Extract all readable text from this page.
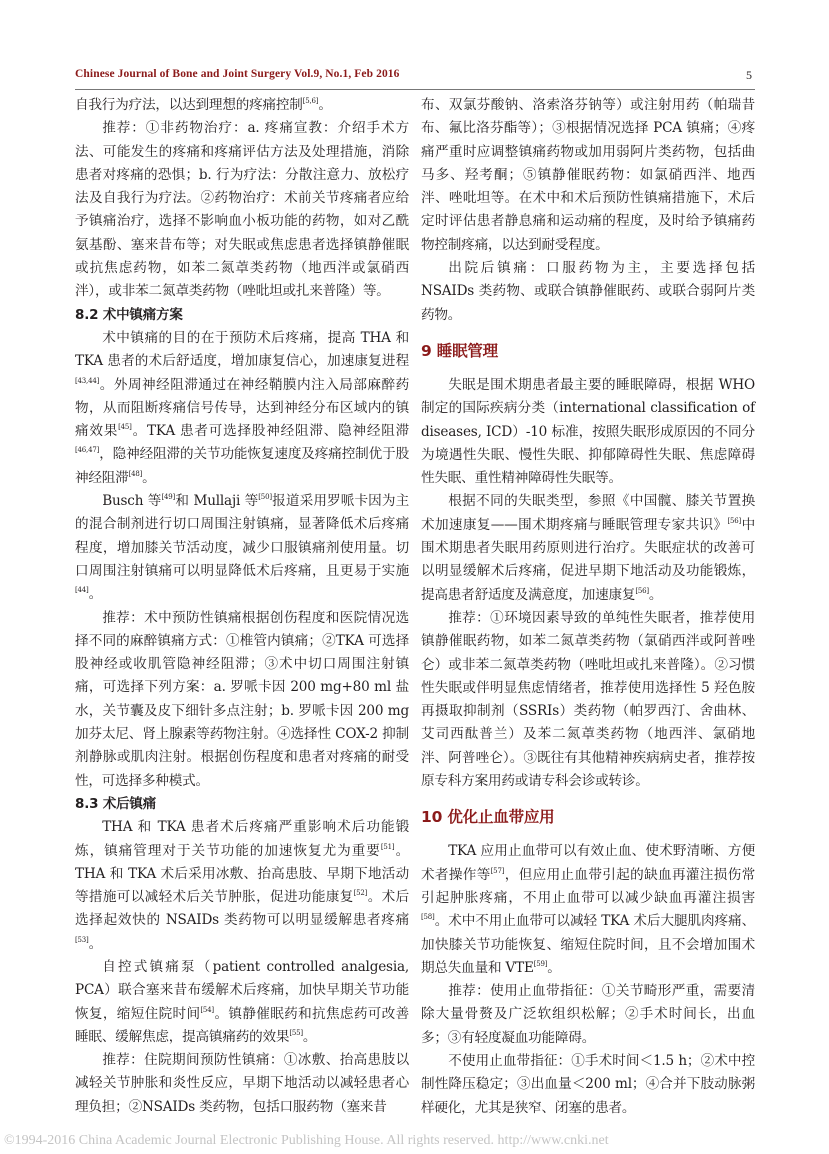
Chinese Journal of Bone and Joint Surgery Vol.9, No.1, Feb 2016	5
自我行为疗法，以达到理想的疼痛控制[5,6]。
推荐：①非药物治疗：a. 疼痛宣教：介绍手术方法、可能发生的疼痛和疼痛评估方法及处理措施，消除患者对疼痛的恐惧；b. 行为疗法：分散注意力、放松疗法及自我行为疗法。②药物治疗：术前关节疼痛者应给予镇痛治疗，选择不影响血小板功能的药物，如对乙酰氨基酚、塞来昔布等；对失眠或焦虑患者选择镇静催眠或抗焦虑药物，如苯二氮䓬类药物（地西泮或氯硝西泮），或非苯二氮䓬类药物（唑吡坦或扎来普隆）等。
8.2 术中镇痛方案
术中镇痛的目的在于预防术后疼痛，提高 THA 和 TKA 患者的术后舒适度，增加康复信心，加速康复进程[43,44]。外周神经阻滞通过在神经鞘膜内注入局部麻醉药物，从而阻断疼痛信号传导，达到神经分布区域内的镇痛效果[45]。TKA 患者可选择股神经阻滞、隐神经阻滞[46,47]，隐神经阻滞的关节功能恢复速度及疼痛控制优于股神经阻滞[48]。
Busch 等[49]和 Mullaji 等[50]报道采用罗哌卡因为主的混合制剂进行切口周围注射镇痛，显著降低术后疼痛程度，增加膝关节活动度，减少口服镇痛剂使用量。切口周围注射镇痛可以明显降低术后疼痛，且更易于实施[44]。
推荐：术中预防性镇痛根据创伤程度和医院情况选择不同的麻醉镇痛方式：①椎管内镇痛；②TKA 可选择股神经或收肌管隐神经阻滞；③术中切口周围注射镇痛，可选择下列方案：a. 罗哌卡因 200 mg+80 ml 盐水，关节囊及皮下细针多点注射；b. 罗哌卡因 200 mg 加芬太尼、肾上腺素等药物注射。④选择性 COX-2 抑制剂静脉或肌肉注射。根据创伤程度和患者对疼痛的耐受性，可选择多种模式。
8.3 术后镇痛
THA 和 TKA 患者术后疼痛严重影响术后功能锻炼，镇痛管理对于关节功能的加速恢复尤为重要[51]。THA 和 TKA 术后采用冰敷、抬高患肢、早期下地活动等措施可以减轻术后关节肿胀，促进功能康复[52]。术后选择起效快的 NSAIDs 类药物可以明显缓解患者疼痛[53]。
自控式镇痛泵（patient controlled analgesia, PCA）联合塞来昔布缓解术后疼痛，加快早期关节功能恢复，缩短住院时间[54]。镇静催眠药和抗焦虑药可改善睡眠、缓解焦虑，提高镇痛药的效果[55]。
推荐：住院期间预防性镇痛：①冰敷、抬高患肢以减轻关节肿胀和炎性反应，早期下地活动以减轻患者心理负担；②NSAIDs 类药物，包括口服药物（塞来昔
布、双氯芬酸钠、洛索洛芬钠等）或注射用药（帕瑞昔布、氟比洛芬酯等）；③根据情况选择 PCA 镇痛；④疼痛严重时应调整镇痛药物或加用弱阿片类药物，包括曲马多、羟考酮；⑤镇静催眠药物：如氯硝西泮、地西泮、唑吡坦等。在术中和术后预防性镇痛措施下，术后定时评估患者静息痛和运动痛的程度，及时给予镇痛药物控制疼痛，以达到耐受程度。
出院后镇痛：口服药物为主，主要选择包括 NSAIDs 类药物、或联合镇静催眠药、或联合弱阿片类药物。
9 睡眠管理
失眠是围术期患者最主要的睡眠障碍，根据 WHO 制定的国际疾病分类（international classification of diseases, ICD）-10 标准，按照失眠形成原因的不同分为境遇性失眠、慢性失眠、抑郁障碍性失眠、焦虑障碍性失眠、重性精神障碍性失眠等。
根据不同的失眠类型，参照《中国髋、膝关节置换术加速康复——围术期疼痛与睡眠管理专家共识》[56]中围术期患者失眠用药原则进行治疗。失眠症状的改善可以明显缓解术后疼痛，促进早期下地活动及功能锻炼，提高患者舒适度及满意度，加速康复[56]。
推荐：①环境因素导致的单纯性失眠者，推荐使用镇静催眠药物，如苯二氮䓬类药物（氯硝西泮或阿普唑仑）或非苯二氮䓬类药物（唑吡坦或扎来普隆）。②习惯性失眠或伴明显焦虑情绪者，推荐使用选择性 5 羟色胺再摄取抑制剂（SSRIs）类药物（帕罗西汀、舍曲林、艾司西酞普兰）及苯二氮䓬类药物（地西泮、氯硝地泮、阿普唑仑）。③既往有其他精神疾病病史者，推荐按原专科方案用药或请专科会诊或转诊。
10 优化止血带应用
TKA 应用止血带可以有效止血、使术野清晰、方便术者操作等[57]，但应用止血带引起的缺血再灌注损伤常引起肿胀疼痛，不用止血带可以减少缺血再灌注损害[58]。术中不用止血带可以减轻 TKA 术后大腿肌肉疼痛、加快膝关节功能恢复、缩短住院时间，且不会增加围术期总失血量和 VTE[59]。
推荐：使用止血带指征：①关节畸形严重，需要清除大量骨赘及广泛软组织松解；②手术时间长，出血多；③有轻度凝血功能障碍。
不使用止血带指征：①手术时间＜1.5 h；②术中控制性降压稳定；③出血量＜200 ml；④合并下肢动脉粥样硬化，尤其是狭窄、闭塞的患者。
©1994-2016 China Academic Journal Electronic Publishing House. All rights reserved. http://www.cnki.net
